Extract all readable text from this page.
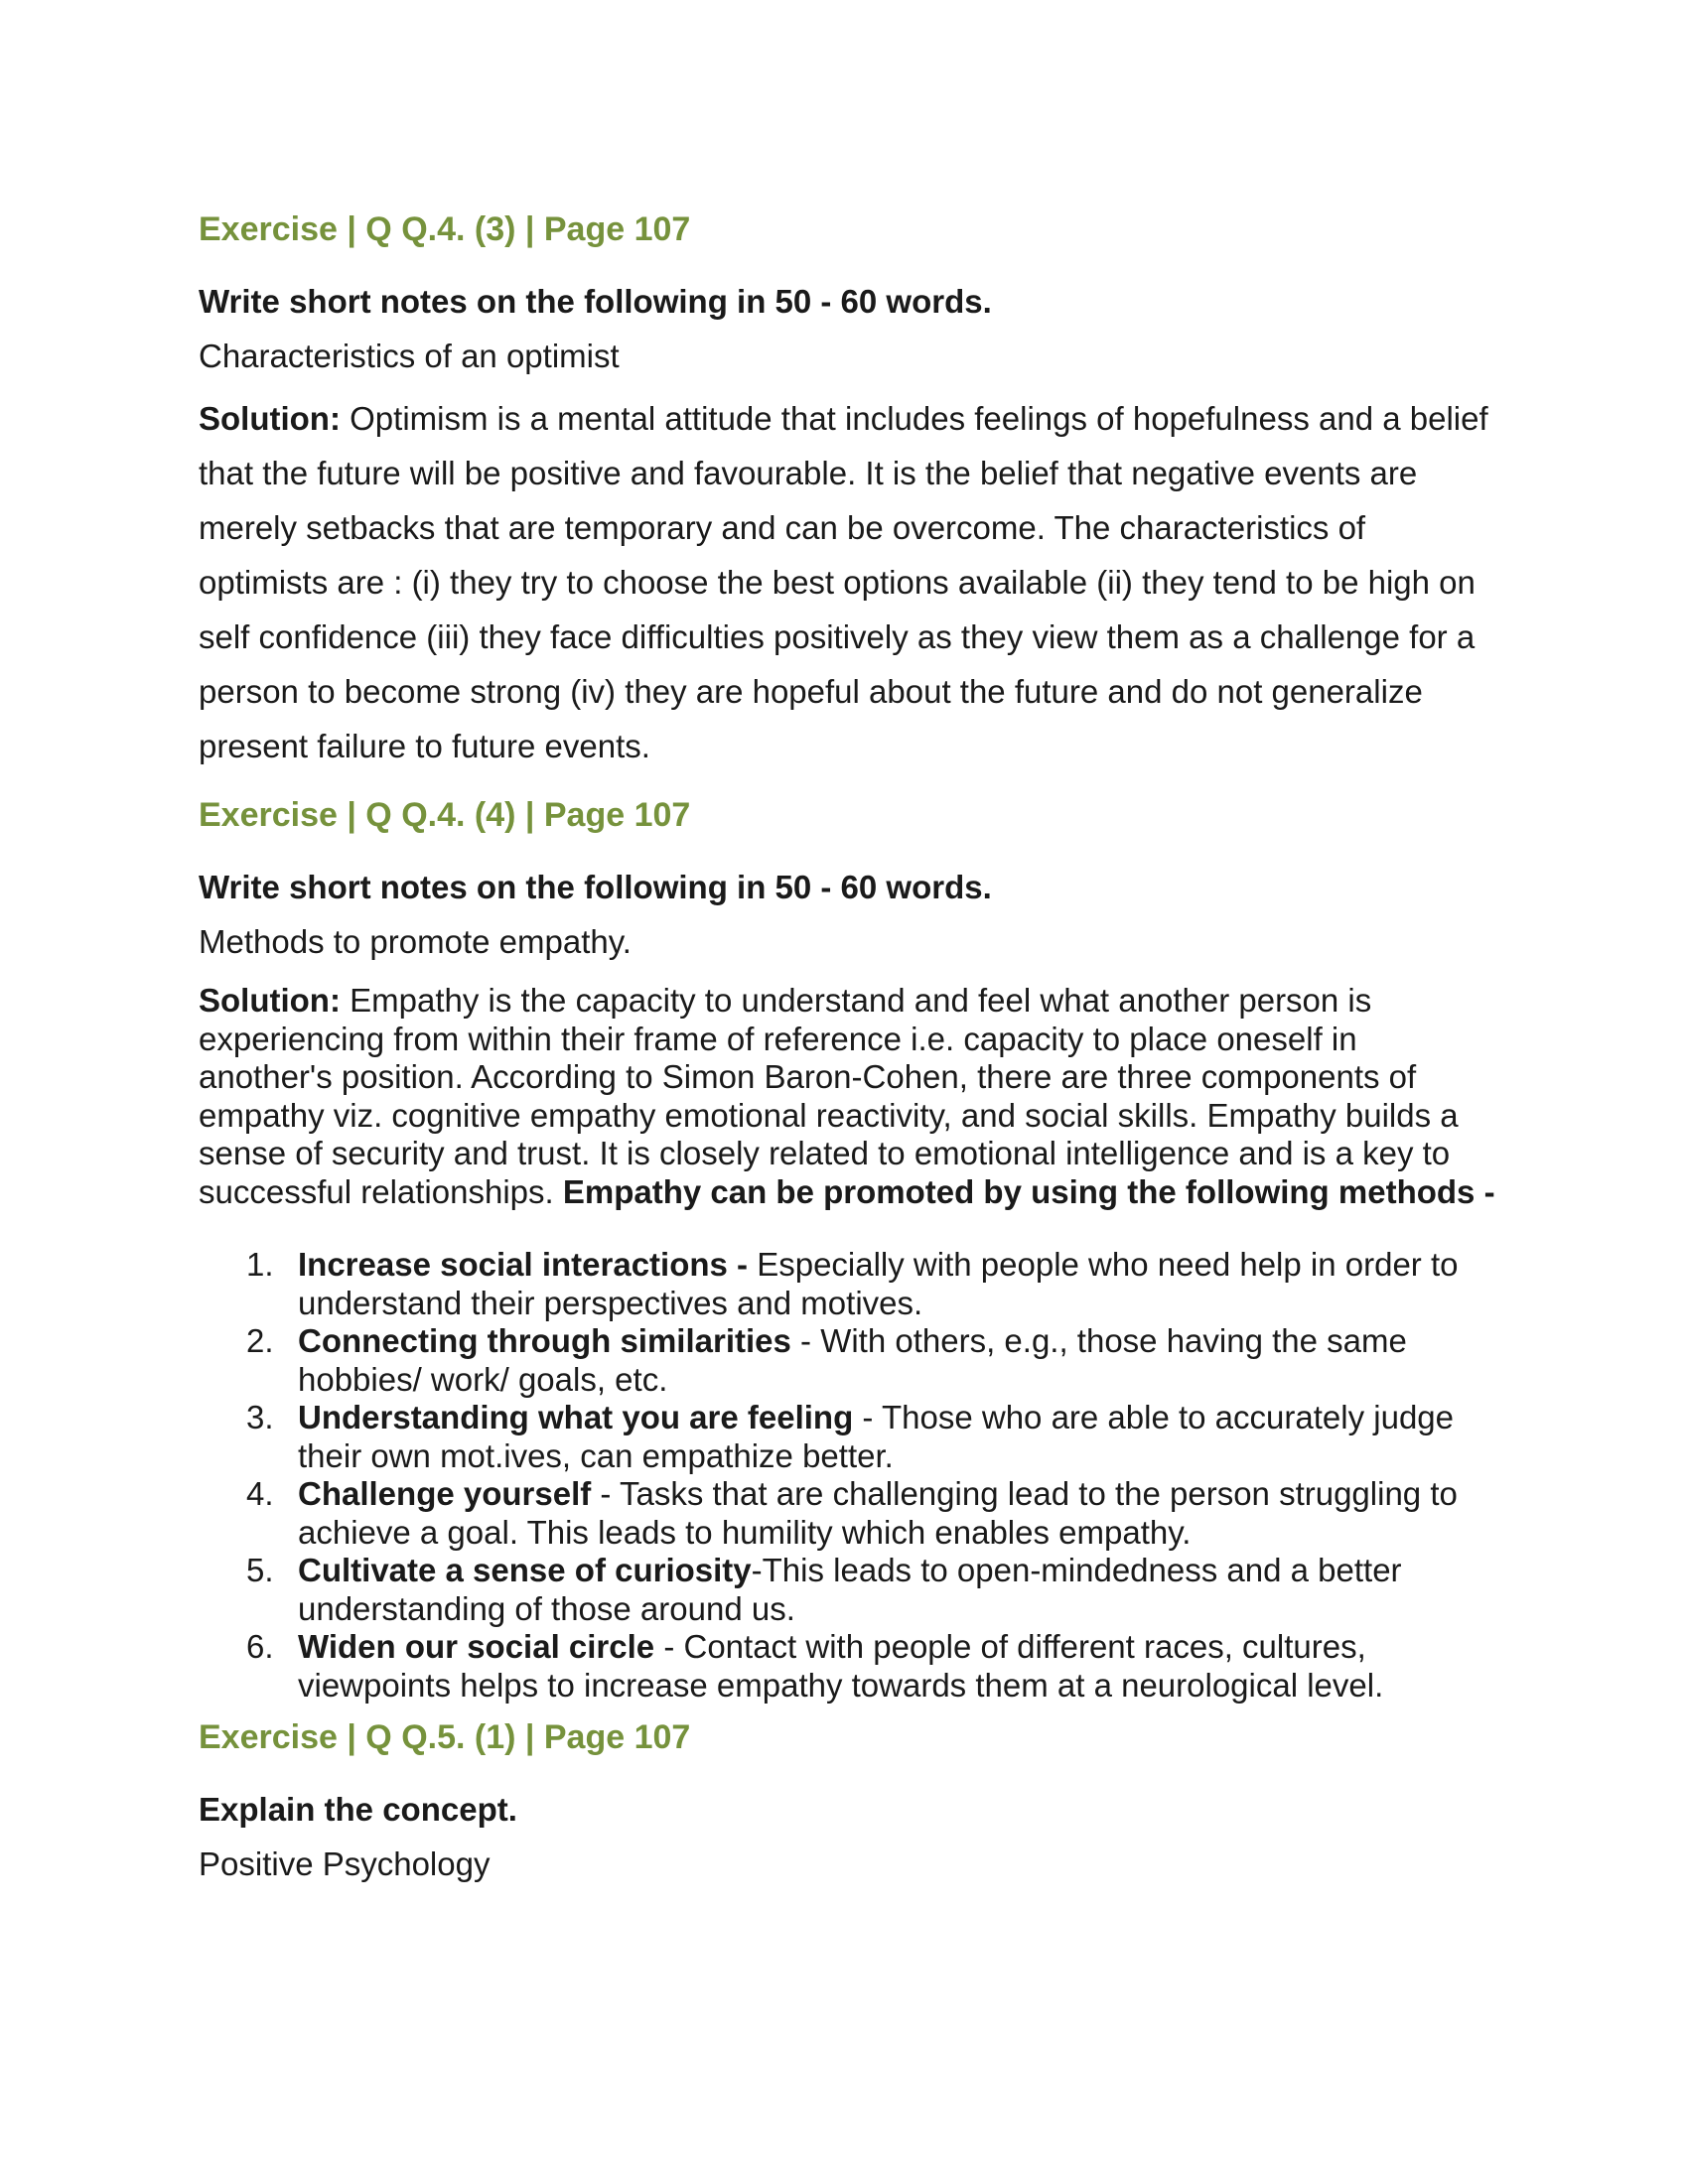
Exercise | Q Q.4. (3) | Page 107
Write short notes on the following in 50 - 60 words.
Characteristics of an optimist

Solution: Optimism is a mental attitude that includes feelings of hopefulness and a belief that the future will be positive and favourable. It is the belief that negative events are merely setbacks that are temporary and can be overcome. The characteristics of optimists are : (i) they try to choose the best options available (ii) they tend to be high on self confidence (iii) they face difficulties positively as they view them as a challenge for a person to become strong (iv) they are hopeful about the future and do not generalize present failure to future events.

Exercise | Q Q.4. (4) | Page 107
Write short notes on the following in 50 - 60 words.
Methods to promote empathy.

Solution: Empathy is the capacity to understand and feel what another person is experiencing from within their frame of reference i.e. capacity to place oneself in another's position. According to Simon Baron-Cohen, there are three components of empathy viz. cognitive empathy emotional reactivity, and social skills. Empathy builds a sense of security and trust. It is closely related to emotional intelligence and is a key to successful relationships. Empathy can be promoted by using the following methods -

1. Increase social interactions - Especially with people who need help in order to understand their perspectives and motives.
2. Connecting through similarities - With others, e.g., those having the same hobbies/ work/ goals, etc.
3. Understanding what you are feeling - Those who are able to accurately judge their own mot.ives, can empathize better.
4. Challenge yourself - Tasks that are challenging lead to the person struggling to achieve a goal. This leads to humility which enables empathy.
5. Cultivate a sense of curiosity-This leads to open-mindedness and a better understanding of those around us.
6. Widen our social circle - Contact with people of different races, cultures, viewpoints helps to increase empathy towards them at a neurological level.
Exercise | Q Q.5. (1) | Page 107
Explain the concept.
Positive Psychology
